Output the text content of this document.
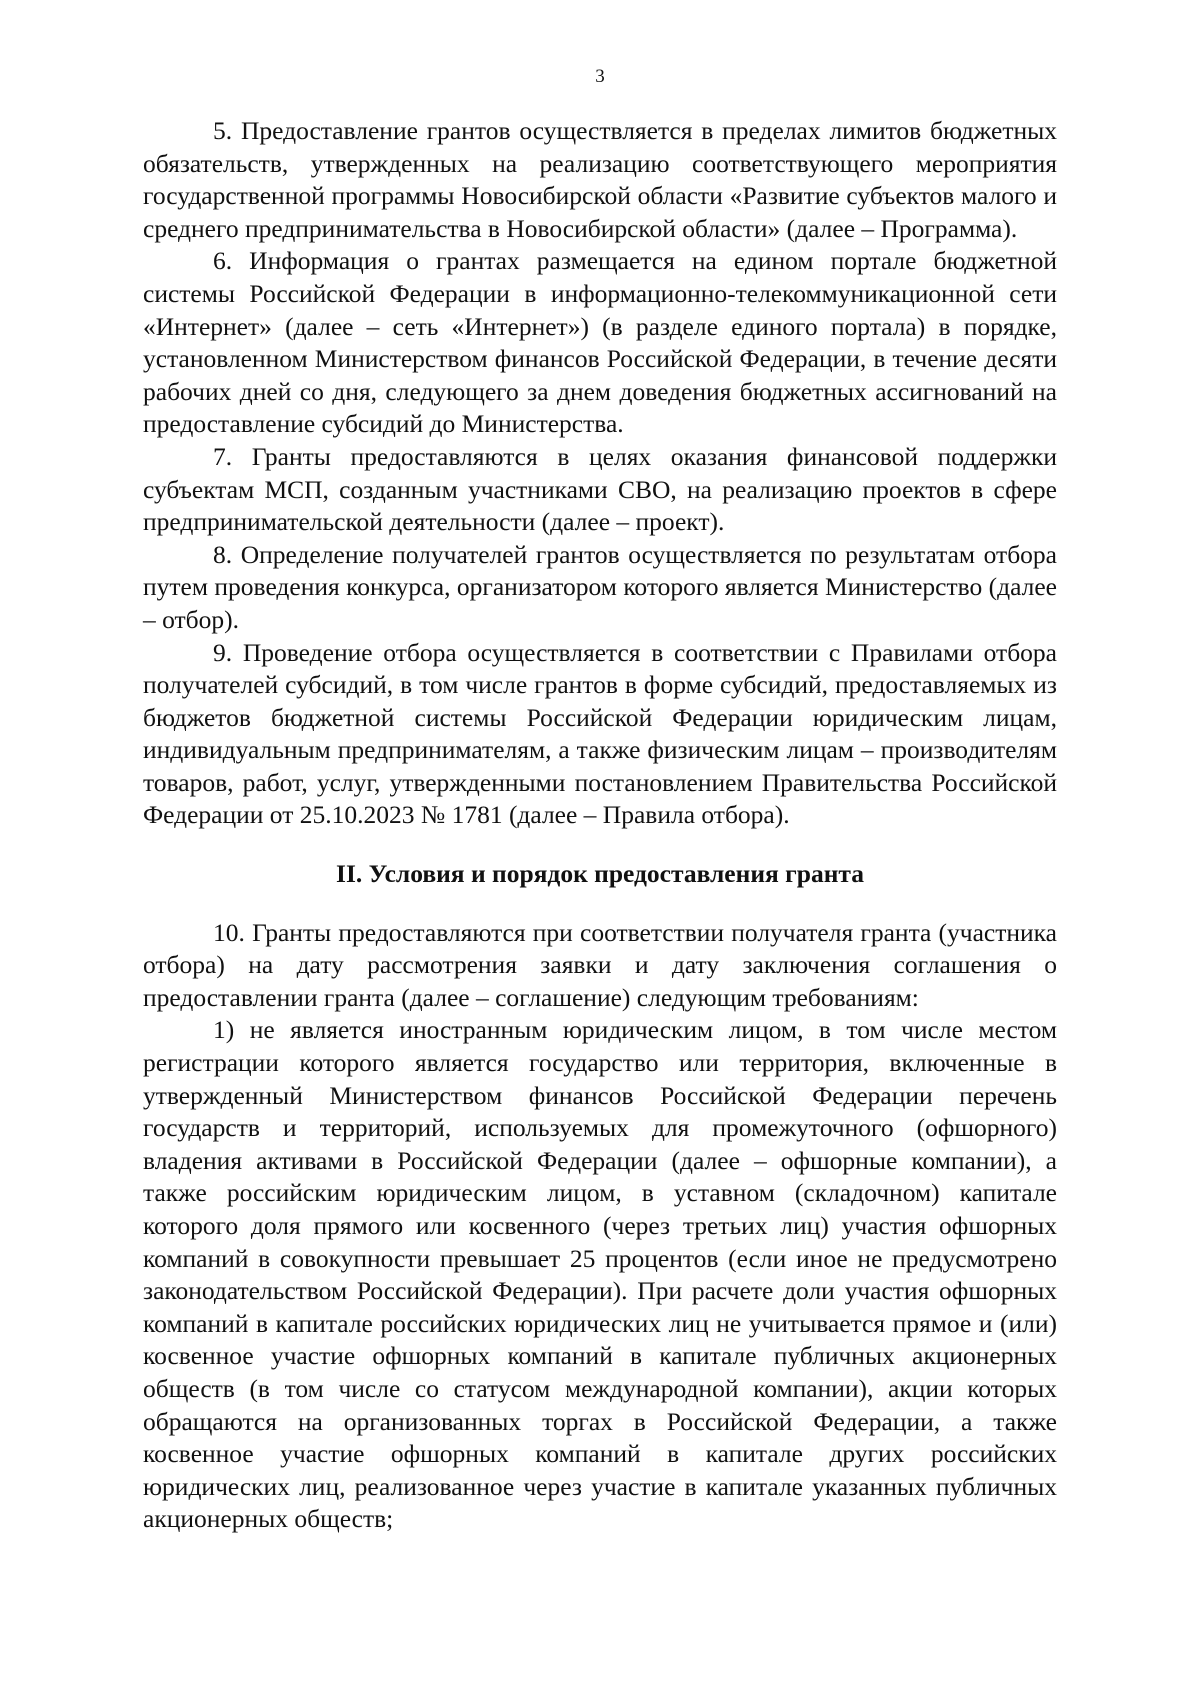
3

5. Предоставление грантов осуществляется в пределах лимитов бюджетных обязательств, утвержденных на реализацию соответствующего мероприятия государственной программы Новосибирской области «Развитие субъектов малого и среднего предпринимательства в Новосибирской области» (далее – Программа).

6. Информация о грантах размещается на едином портале бюджетной системы Российской Федерации в информационно-телекоммуникационной сети «Интернет» (далее – сеть «Интернет») (в разделе единого портала) в порядке, установленном Министерством финансов Российской Федерации, в течение десяти рабочих дней со дня, следующего за днем доведения бюджетных ассигнований на предоставление субсидий до Министерства.

7. Гранты предоставляются в целях оказания финансовой поддержки субъектам МСП, созданным участниками СВО, на реализацию проектов в сфере предпринимательской деятельности (далее – проект).

8. Определение получателей грантов осуществляется по результатам отбора путем проведения конкурса, организатором которого является Министерство (далее – отбор).

9. Проведение отбора осуществляется в соответствии с Правилами отбора получателей субсидий, в том числе грантов в форме субсидий, предоставляемых из бюджетов бюджетной системы Российской Федерации юридическим лицам, индивидуальным предпринимателям, а также физическим лицам – производителям товаров, работ, услуг, утвержденными постановлением Правительства Российской Федерации от 25.10.2023 № 1781 (далее – Правила отбора).

II. Условия и порядок предоставления гранта

10. Гранты предоставляются при соответствии получателя гранта (участника отбора) на дату рассмотрения заявки и дату заключения соглашения о предоставлении гранта (далее – соглашение) следующим требованиям:

1) не является иностранным юридическим лицом, в том числе местом регистрации которого является государство или территория, включенные в утвержденный Министерством финансов Российской Федерации перечень государств и территорий, используемых для промежуточного (офшорного) владения активами в Российской Федерации (далее – офшорные компании), а также российским юридическим лицом, в уставном (складочном) капитале которого доля прямого или косвенного (через третьих лиц) участия офшорных компаний в совокупности превышает 25 процентов (если иное не предусмотрено законодательством Российской Федерации). При расчете доли участия офшорных компаний в капитале российских юридических лиц не учитывается прямое и (или) косвенное участие офшорных компаний в капитале публичных акционерных обществ (в том числе со статусом международной компании), акции которых обращаются на организованных торгах в Российской Федерации, а также косвенное участие офшорных компаний в капитале других российских юридических лиц, реализованное через участие в капитале указанных публичных акционерных обществ;
